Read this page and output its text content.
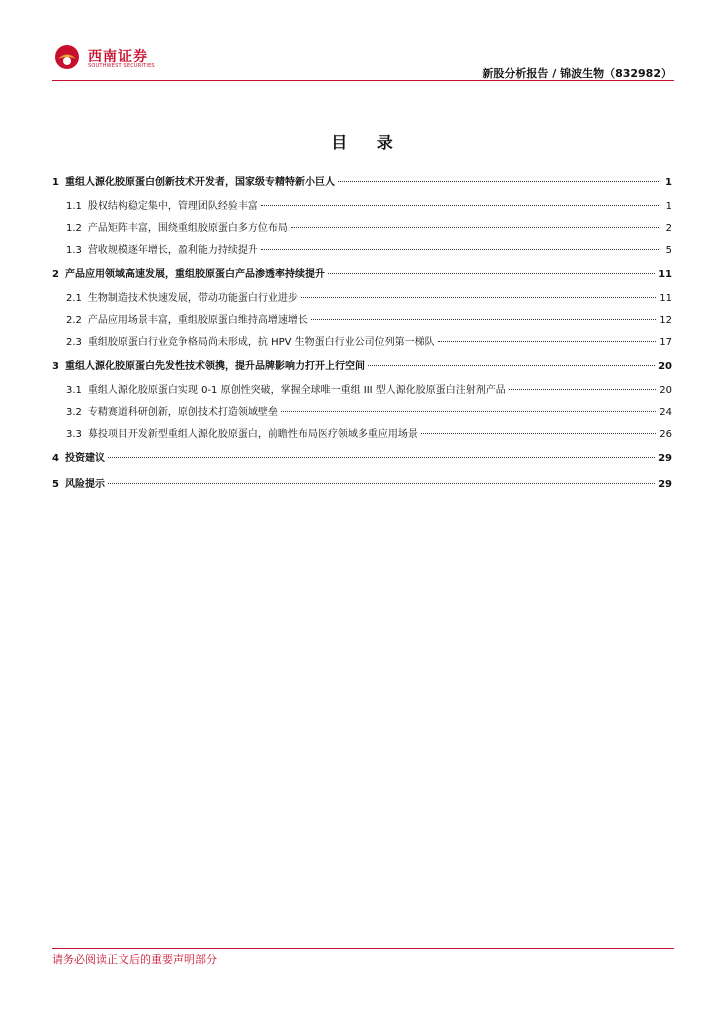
西南证券
SOUTHWEST SECURITIES
新股分析报告 / 锦波生物（832982）
目 录
1 重组人源化胶原蛋白创新技术开发者，国家级专精特新小巨人	1
1.1 股权结构稳定集中，管理团队经验丰富	1
1.2 产品矩阵丰富，围绕重组胶原蛋白多方位布局	2
1.3 营收规模逐年增长，盈利能力持续提升	5
2 产品应用领域高速发展，重组胶原蛋白产品渗透率持续提升	11
2.1 生物制造技术快速发展，带动功能蛋白行业进步	11
2.2 产品应用场景丰富，重组胶原蛋白维持高增速增长	12
2.3 重组胶原蛋白行业竞争格局尚未形成，抗 HPV 生物蛋白行业公司位列第一梯队	17
3 重组人源化胶原蛋白先发性技术领携，提升品牌影响力打开上行空间	20
3.1 重组人源化胶原蛋白实现 0-1 原创性突破，掌握全球唯一重组 III 型人源化胶原蛋白注射剂产品	20
3.2 专精赛道科研创新，原创技术打造领域壁垒	24
3.3 募投项目开发新型重组人源化胶原蛋白，前瞻性布局医疗领域多重应用场景	26
4 投资建议	29
5 风险提示	29
请务必阅读正文后的重要声明部分
